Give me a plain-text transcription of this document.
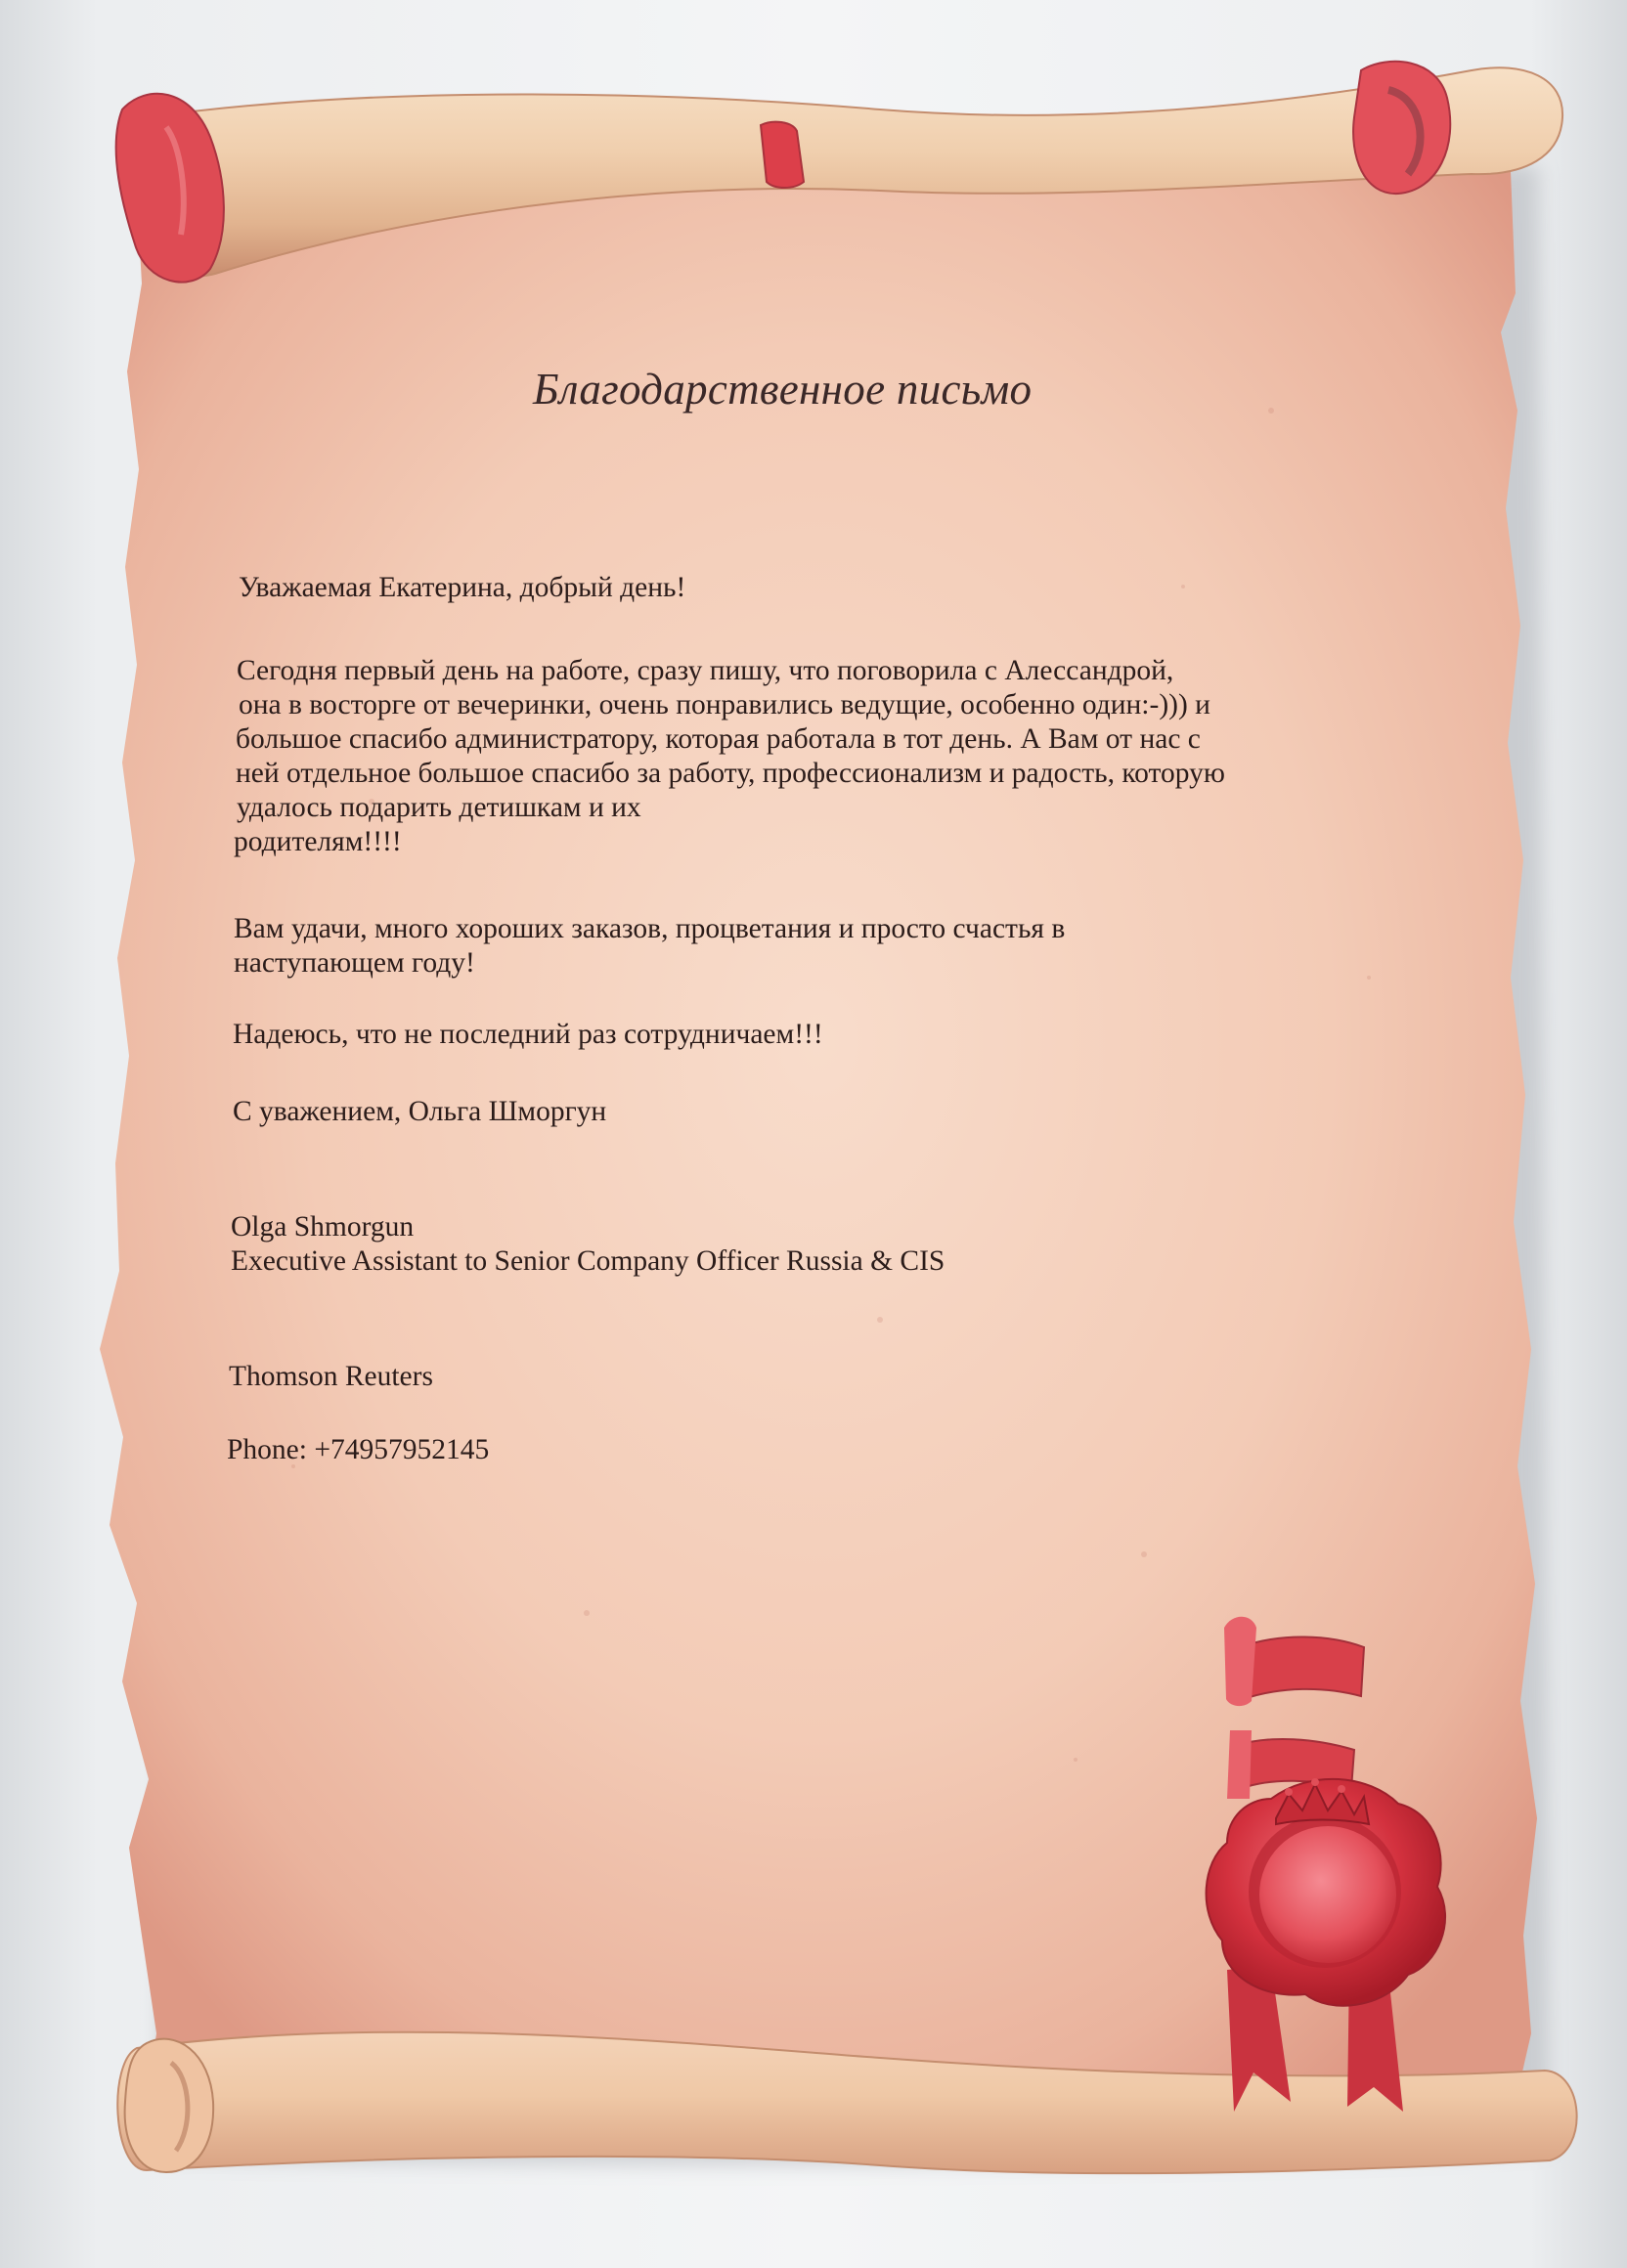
Благодарственное письмо
Уважаемая Екатерина, добрый день!
Сегодня первый день на работе, сразу пишу, что поговорила с Алессандрой,
она в восторге от вечеринки, очень понравились ведущие, особенно один:-))) и
большое спасибо администратору, которая работала в тот день. А Вам от нас с
ней отдельное большое спасибо за работу, профессионализм и радость, которую
удалось подарить детишкам и их
родителям!!!!
Вам удачи, много хороших заказов, процветания и просто счастья в
наступающем году!
Надеюсь, что не последний раз сотрудничаем!!!
С уважением, Ольга Шморгун
Olga Shmorgun
Executive Assistant to Senior Company Officer Russia & CIS
Thomson Reuters
Phone: +74957952145
